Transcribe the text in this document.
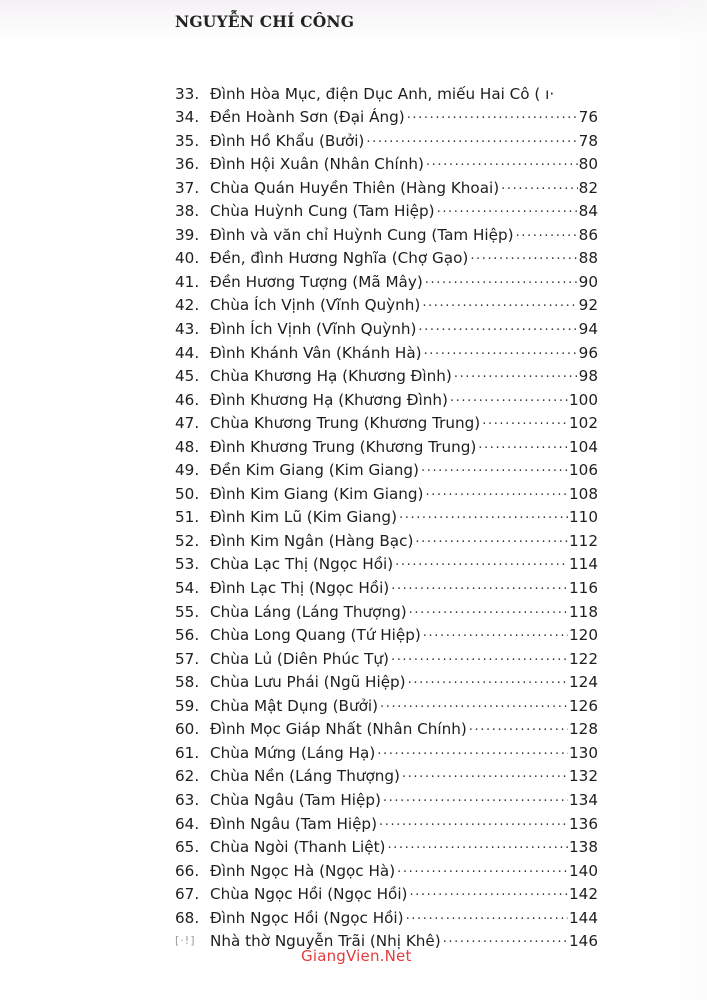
NGUYỄN CHÍ CÔNG
33. Đình Hòa Mục, điện Dục Anh, miếu Hai Cô ( ı·
34. Đền Hoành Sơn (Đại Áng) .....	76
35. Đình Hồ Khẩu (Bưởi) .....	78
36. Đình Hội Xuân (Nhân Chính) .....	80
37. Chùa Quán Huyền Thiên (Hàng Khoai) .....	82
38. Chùa Huỳnh Cung (Tam Hiệp) .....	84
39. Đình và văn chỉ Huỳnh Cung (Tam Hiệp) .....	86
40. Đền, đình Hương Nghĩa (Chợ Gạo) .....	88
41. Đền Hương Tượng (Mã Mây) .....	90
42. Chùa Ích Vịnh (Vĩnh Quỳnh) .....	92
43. Đình Ích Vịnh (Vĩnh Quỳnh) .....	94
44. Đình Khánh Vân (Khánh Hà) .....	96
45. Chùa Khương Hạ (Khương Đình) .....	98
46. Đình Khương Hạ (Khương Đình) .....	100
47. Chùa Khương Trung (Khương Trung) .....	102
48. Đình Khương Trung (Khương Trung) .....	104
49. Đền Kim Giang (Kim Giang) .....	106
50. Đình Kim Giang (Kim Giang) .....	108
51. Đình Kim Lũ (Kim Giang) .....	110
52. Đình Kim Ngân (Hàng Bạc) .....	112
53. Chùa Lạc Thị (Ngọc Hồi) .....	114
54. Đình Lạc Thị (Ngọc Hồi) .....	116
55. Chùa Láng (Láng Thượng) .....	118
56. Chùa Long Quang (Tứ Hiệp) .....	120
57. Chùa Lủ (Diên Phúc Tự) .....	122
58. Chùa Lưu Phái (Ngũ Hiệp) .....	124
59. Chùa Mật Dụng (Bưởi) .....	126
60. Đình Mọc Giáp Nhất (Nhân Chính) .....	128
61. Chùa Mứng (Láng Hạ) .....	130
62. Chùa Nền (Láng Thượng) .....	132
63. Chùa Ngâu (Tam Hiệp) .....	134
64. Đình Ngâu (Tam Hiệp) .....	136
65. Chùa Ngòi (Thanh Liệt) .....	138
66. Đình Ngọc Hà (Ngọc Hà) .....	140
67. Chùa Ngọc Hồi (Ngọc Hồi) .....	142
68. Đình Ngọc Hồi (Ngọc Hồi) .....	144
[·!] Nhà thờ Nguyễn Trãi (Nhị Khê) .....	146
GiangVien.Net
